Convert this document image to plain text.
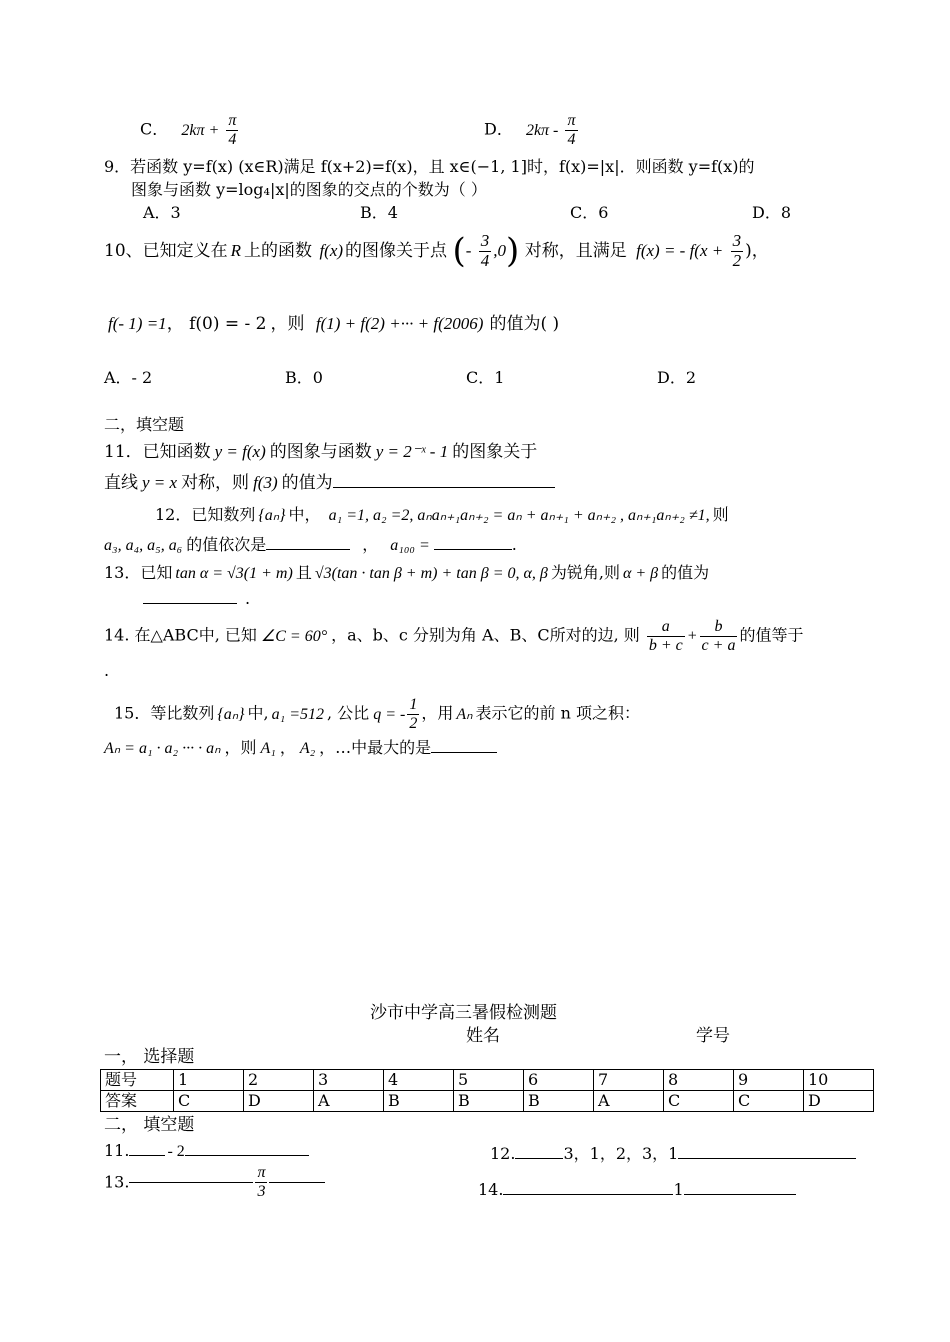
C． $2k\pi + \frac{\pi}{4}$	D． $2k\pi - \frac{\pi}{4}$
9．若函数 y=f(x) (x∈R)满足 f(x+2)=f(x)，且 x∈(−1, 1]时，f(x)=|x|．则函数 y=f(x)的
图象与函数 y=log₄|x|的图象的交点的个数为（ ）
A．3	B．4	C．6	D．8
10、已知定义在 R 上的函数 f(x) 的图像关于点 (- $\frac{3}{4} ,0$) 对称，且满足 f(x) = - $f(x + \frac{3}{2}$ )，
f(- 1) =1， f(0) = - 2 ，则 f(1) + f(2) +··· + f(2006) 的值为( )
A．- 2	B．0	C．1	D．2
二，填空题
11．已知函数 y = f(x) 的图象与函数 y = 2⁻ˣ - 1 的图象关于
直线 y = x 对称，则 f(3) 的值为
12．已知数列 {aₙ} 中， a₁ =1, a₂ =2, aₙaₙ₊₁aₙ₊₂ = aₙ + aₙ₊₁ + aₙ₊₂ , aₙ₊₁aₙ₊₂ ≠1, 则
a₃, a₄, a₅, a₆ 的值依次是	， a₁₀₀ =	.
13．已知 tan α = √3(1 + m) 且 √3(tan · tan β + m) + tan β = 0, α, β 为锐角,则 α + β 的值为
.
14. 在△ABC中, 已知 ∠C = 60° ，a、b、c 分别为角 A、B、C所对的边, 则 $\frac{a}{b + c} + \frac{b}{c + a}$ 的值等于
.
15．等比数列 {aₙ} 中, a₁ =512 , 公比 q = - $\frac{1}{2}$ ，用 Aₙ 表示它的前 n 项之积：
Aₙ = a₁ · a₂ ··· · aₙ ，则 A₁ ， A₂ ，…中最大的是
沙市中学高三暑假检测题
姓名	学号
一， 选择题
题号	1	2	3	4	5	6	7	8	9	10
答案	C	D	A	B	B	B	A	C	C	D
二， 填空题
11. - 2	12.	3，1，2，3，1
13.	$\frac{\pi}{3}$	14.	1
